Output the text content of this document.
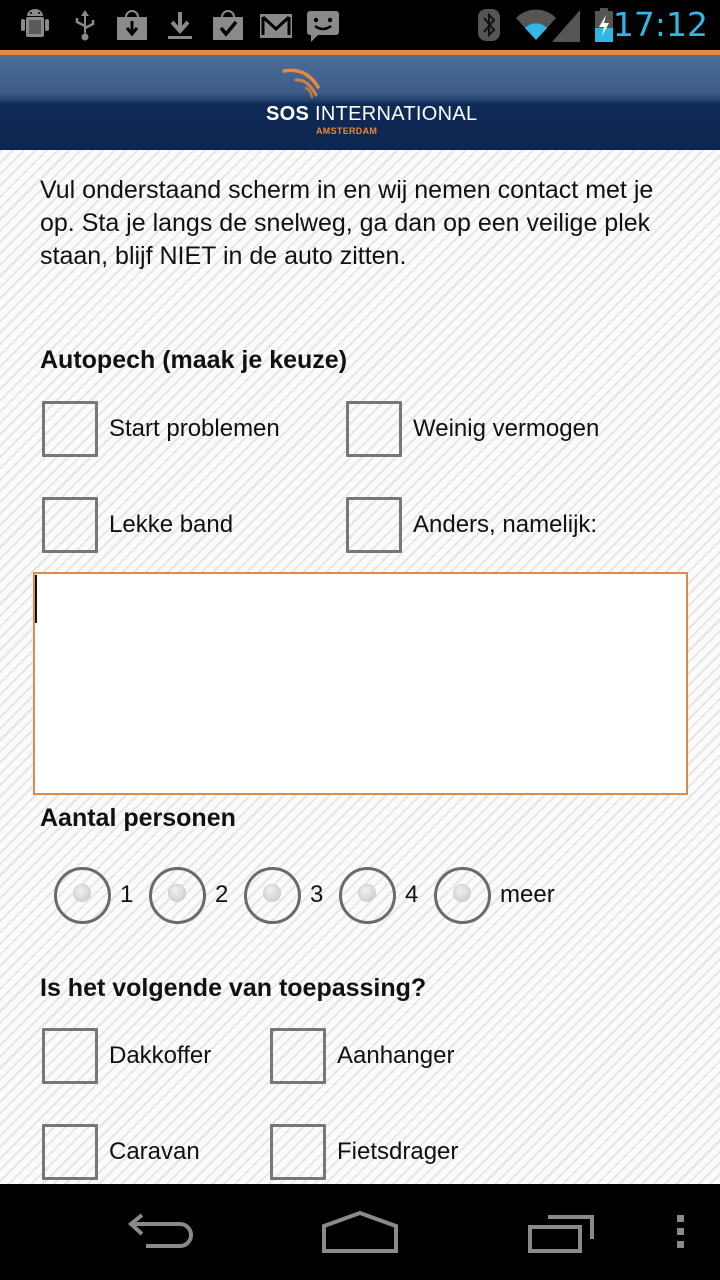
17:12
SOS INTERNATIONAL
AMSTERDAM

Vul onderstaand scherm in en wij nemen contact met je op. Sta je langs de snelweg, ga dan op een veilige plek staan, blijf NIET in de auto zitten.

Autopech (maak je keuze)
Start problemen	Weinig vermogen
Lekke band	Anders, namelijk:
Aantal personen
1	2	3	4	meer
Is het volgende van toepassing?
Dakkoffer	Aanhanger
Caravan	Fietsdrager
